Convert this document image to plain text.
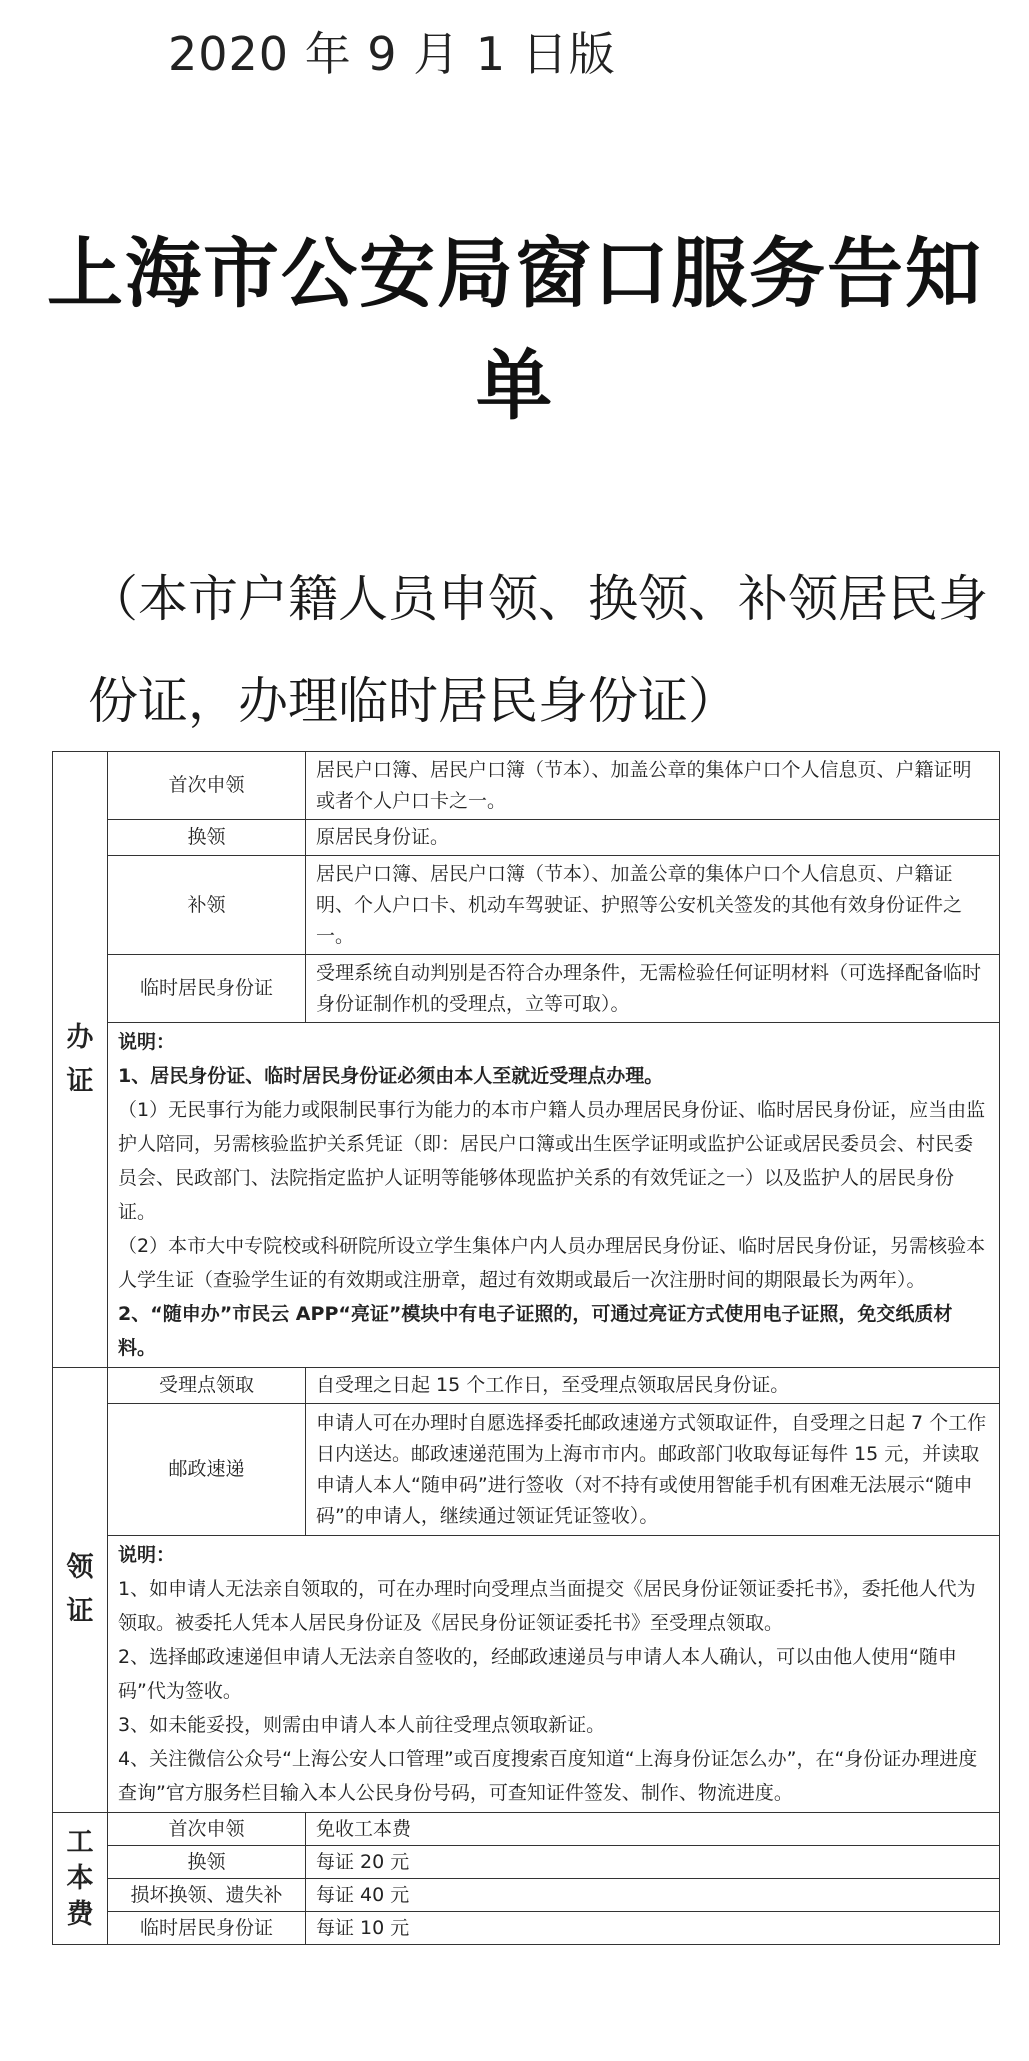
2020 年 9 月 1 日版
上海市公安局窗口服务告知单
（本市户籍人员申领、换领、补领居民身份证，办理临时居民身份证）
办证	首次申领	居民户口簿、居民户口簿（节本）、加盖公章的集体户口个人信息页、户籍证明或者个人户口卡之一。
	换领	原居民身份证。
	补领	居民户口簿、居民户口簿（节本）、加盖公章的集体户口个人信息页、户籍证明、个人户口卡、机动车驾驶证、护照等公安机关签发的其他有效身份证件之一。
	临时居民身份证	受理系统自动判别是否符合办理条件，无需检验任何证明材料（可选择配备临时身份证制作机的受理点，立等可取）。

	说明：
1、居民身份证、临时居民身份证必须由本人至就近受理点办理。
（1）无民事行为能力或限制民事行为能力的本市户籍人员办理居民身份证、临时居民身份证，应当由监护人陪同，另需核验监护关系凭证（即：居民户口簿或出生医学证明或监护公证或居民委员会、村民委员会、民政部门、法院指定监护人证明等能够体现监护关系的有效凭证之一）以及监护人的居民身份证。
（2）本市大中专院校或科研院所设立学生集体户内人员办理居民身份证、临时居民身份证，另需核验本人学生证（查验学生证的有效期或注册章，超过有效期或最后一次注册时间的期限最长为两年）。
2、“随申办”市民云 APP“亮证”模块中有电子证照的，可通过亮证方式使用电子证照，免交纸质材料。	

领证	受理点领取	自受理之日起 15 个工作日，至受理点领取居民身份证。
	邮政速递	申请人可在办理时自愿选择委托邮政速递方式领取证件，自受理之日起 7 个工作日内送达。邮政速递范围为上海市市内。邮政部门收取每证每件 15 元，并读取申请人本人“随申码”进行签收（对不持有或使用智能手机有困难无法展示“随申码”的申请人，继续通过领证凭证签收）。

	说明：
1、如申请人无法亲自领取的，可在办理时向受理点当面提交《居民身份证领证委托书》，委托他人代为领取。被委托人凭本人居民身份证及《居民身份证领证委托书》至受理点领取。
2、选择邮政速递但申请人无法亲自签收的，经邮政速递员与申请人本人确认，可以由他人使用“随申码”代为签收。
3、如未能妥投，则需由申请人本人前往受理点领取新证。
4、关注微信公众号“上海公安人口管理”或百度搜索百度知道“上海身份证怎么办”，在“身份证办理进度查询”官方服务栏目输入本人公民身份号码，可查知证件签发、制作、物流进度。	

工本费	首次申领	免收工本费
	换领	每证 20 元
	损坏换领、遗失补	每证 40 元
	临时居民身份证	每证 10 元
